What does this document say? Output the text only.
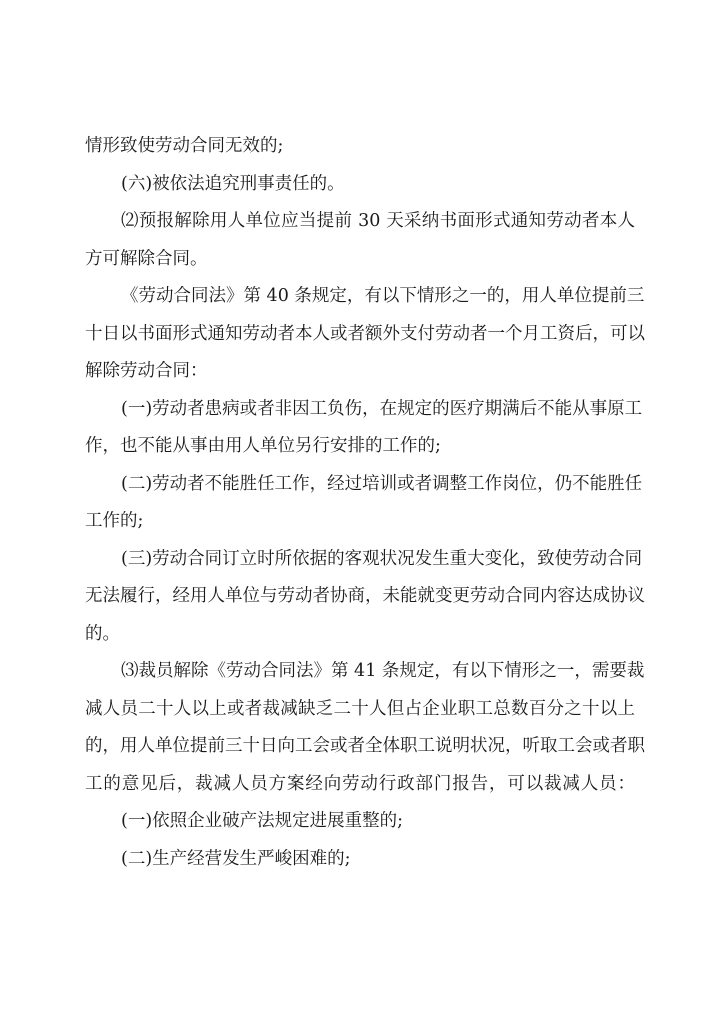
情形致使劳动合同无效的;
(六)被依法追究刑事责任的。
⑵预报解除用人单位应当提前 30 天采纳书面形式通知劳动者本人
方可解除合同。
《劳动合同法》第 40 条规定，有以下情形之一的，用人单位提前三
十日以书面形式通知劳动者本人或者额外支付劳动者一个月工资后，可以
解除劳动合同：
(一)劳动者患病或者非因工负伤，在规定的医疗期满后不能从事原工
作，也不能从事由用人单位另行安排的工作的;
(二)劳动者不能胜任工作，经过培训或者调整工作岗位，仍不能胜任
工作的;
(三)劳动合同订立时所依据的客观状况发生重大变化，致使劳动合同
无法履行，经用人单位与劳动者协商，未能就变更劳动合同内容达成协议
的。
⑶裁员解除《劳动合同法》第 41 条规定，有以下情形之一，需要裁
减人员二十人以上或者裁减缺乏二十人但占企业职工总数百分之十以上
的，用人单位提前三十日向工会或者全体职工说明状况，听取工会或者职
工的意见后，裁减人员方案经向劳动行政部门报告，可以裁减人员：
(一)依照企业破产法规定进展重整的;
(二)生产经营发生严峻困难的;
